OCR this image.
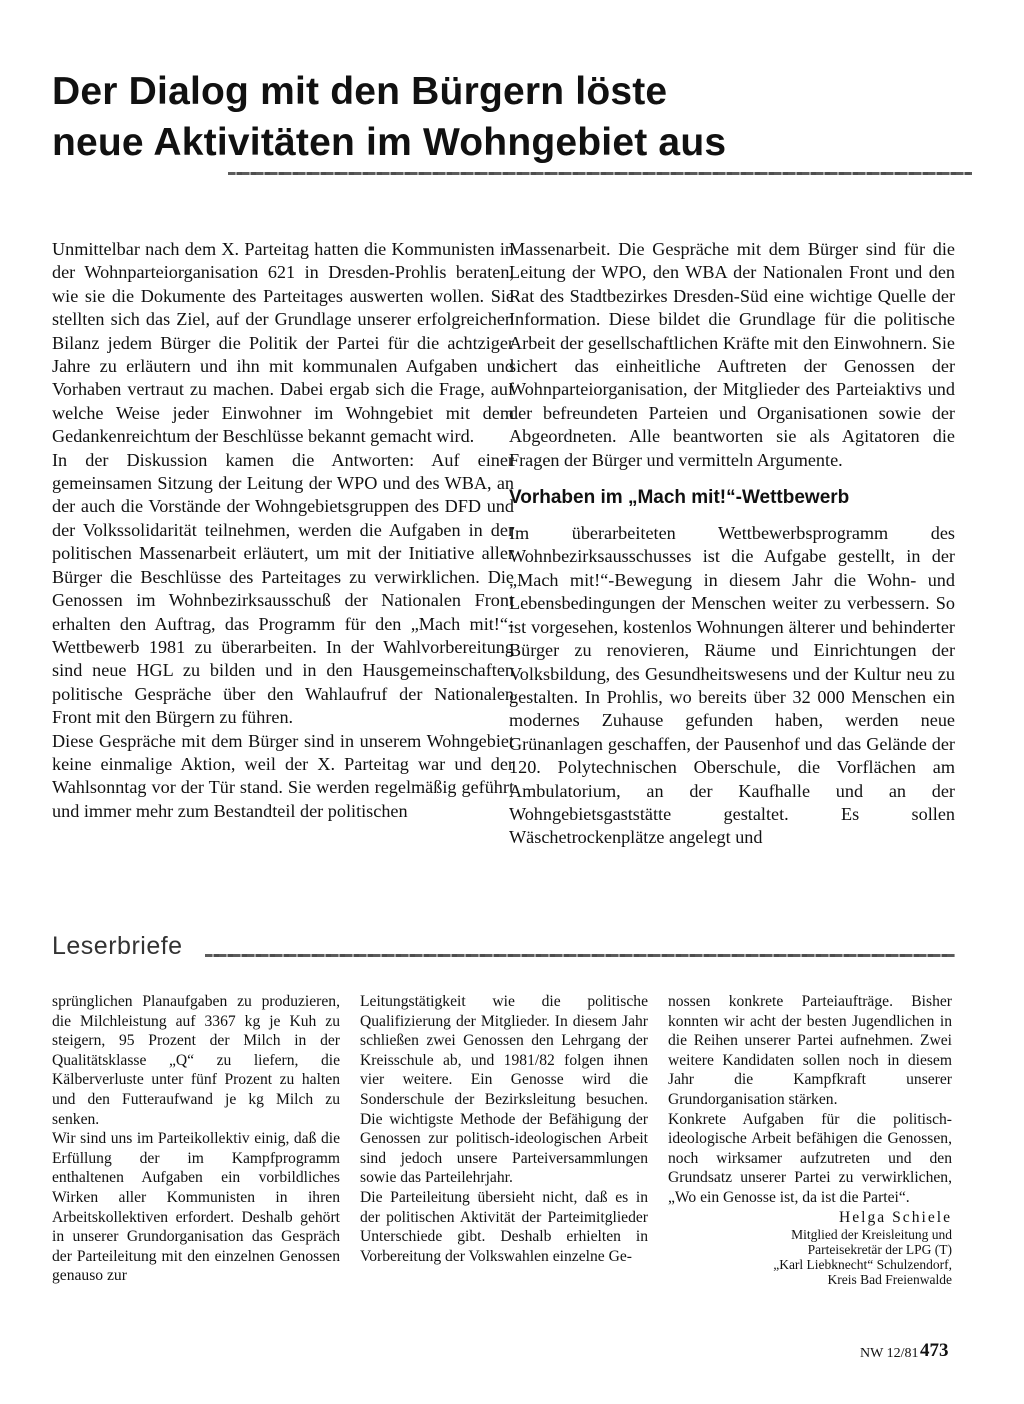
Der Dialog mit den Bürgern löste
neue Aktivitäten im Wohngebiet aus

Unmittelbar nach dem X. Parteitag hatten die Kommunisten in der Wohnparteiorganisation 621 in Dresden-Prohlis beraten, wie sie die Dokumente des Parteitages auswerten wollen. Sie stellten sich das Ziel, auf der Grundlage unserer erfolgreichen Bilanz jedem Bürger die Politik der Partei für die achtziger Jahre zu erläutern und ihn mit kommunalen Aufgaben und Vorhaben vertraut zu machen. Dabei ergab sich die Frage, auf welche Weise jeder Einwohner im Wohngebiet mit dem Gedankenreichtum der Beschlüsse bekannt gemacht wird.

In der Diskussion kamen die Antworten: Auf einer gemeinsamen Sitzung der Leitung der WPO und des WBA, an der auch die Vorstände der Wohngebietsgruppen des DFD und der Volkssolidarität teilnehmen, werden die Aufgaben in der politischen Massenarbeit erläutert, um mit der Initiative aller Bürger die Beschlüsse des Parteitages zu verwirklichen. Die Genossen im Wohnbezirksausschuß der Nationalen Front erhalten den Auftrag, das Programm für den „Mach mit!“-Wettbewerb 1981 zu überarbeiten. In der Wahlvorbereitung sind neue HGL zu bilden und in den Hausgemeinschaften politische Gespräche über den Wahlaufruf der Nationalen Front mit den Bürgern zu führen.

Diese Gespräche mit dem Bürger sind in unserem Wohngebiet keine einmalige Aktion, weil der X. Parteitag war und der Wahlsonntag vor der Tür stand. Sie werden regelmäßig geführt und immer mehr zum Bestandteil der politischen

Massenarbeit. Die Gespräche mit dem Bürger sind für die Leitung der WPO, den WBA der Nationalen Front und den Rat des Stadtbezirkes Dresden-Süd eine wichtige Quelle der Information. Diese bildet die Grundlage für die politische Arbeit der gesellschaftlichen Kräfte mit den Einwohnern. Sie sichert das einheitliche Auftreten der Genossen der Wohnparteiorganisation, der Mitglieder des Parteiaktivs und der befreundeten Parteien und Organisationen sowie der Abgeordneten. Alle beantworten sie als Agitatoren die Fragen der Bürger und vermitteln Argumente.

Vorhaben im „Mach mit!“-Wettbewerb

Im überarbeiteten Wettbewerbsprogramm des Wohnbezirksausschusses ist die Aufgabe gestellt, in der „Mach mit!“-Bewegung in diesem Jahr die Wohn- und Lebensbedingungen der Menschen weiter zu verbessern. So ist vorgesehen, kostenlos Wohnungen älterer und behinderter Bürger zu renovieren, Räume und Einrichtungen der Volksbildung, des Gesundheitswesens und der Kultur neu zu gestalten. In Prohlis, wo bereits über 32 000 Menschen ein modernes Zuhause gefunden haben, werden neue Grünanlagen geschaffen, der Pausenhof und das Gelände der 120. Polytechnischen Oberschule, die Vorflächen am Ambulatorium, an der Kaufhalle und an der Wohngebietsgaststätte gestaltet. Es sollen Wäschetrockenplätze angelegt und

Leserbriefe

sprünglichen Planaufgaben zu produzieren, die Milchleistung auf 3367 kg je Kuh zu steigern, 95 Prozent der Milch in der Qualitätsklasse „Q“ zu liefern, die Kälberverluste unter fünf Prozent zu halten und den Futteraufwand je kg Milch zu senken.

Wir sind uns im Parteikollektiv einig, daß die Erfüllung der im Kampfprogramm enthaltenen Aufgaben ein vorbildliches Wirken aller Kommunisten in ihren Arbeitskollektiven erfordert. Deshalb gehört in unserer Grundorganisation das Gespräch der Parteileitung mit den einzelnen Genossen genauso zur

Leitungstätigkeit wie die politische Qualifizierung der Mitglieder. In diesem Jahr schließen zwei Genossen den Lehrgang der Kreisschule ab, und 1981/82 folgen ihnen vier weitere. Ein Genosse wird die Sonderschule der Bezirksleitung besuchen. Die wichtigste Methode der Befähigung der Genossen zur politisch-ideologischen Arbeit sind jedoch unsere Parteiversammlungen sowie das Parteilehrjahr.

Die Parteileitung übersieht nicht, daß es in der politischen Aktivität der Parteimitglieder Unterschiede gibt. Deshalb erhielten in Vorbereitung der Volkswahlen einzelne Ge-

nossen konkrete Parteiaufträge. Bisher konnten wir acht der besten Jugendlichen in die Reihen unserer Partei aufnehmen. Zwei weitere Kandidaten sollen noch in diesem Jahr die Kampfkraft unserer Grundorganisation stärken.

Konkrete Aufgaben für die politisch-ideologische Arbeit befähigen die Genossen, noch wirksamer aufzutreten und den Grundsatz unserer Partei zu verwirklichen, „Wo ein Genosse ist, da ist die Partei“.

Helga Schiele
Mitglied der Kreisleitung und
Parteisekretär der LPG (T)
„Karl Liebknecht“ Schulzendorf,
Kreis Bad Freienwalde
NW 12/81 473
